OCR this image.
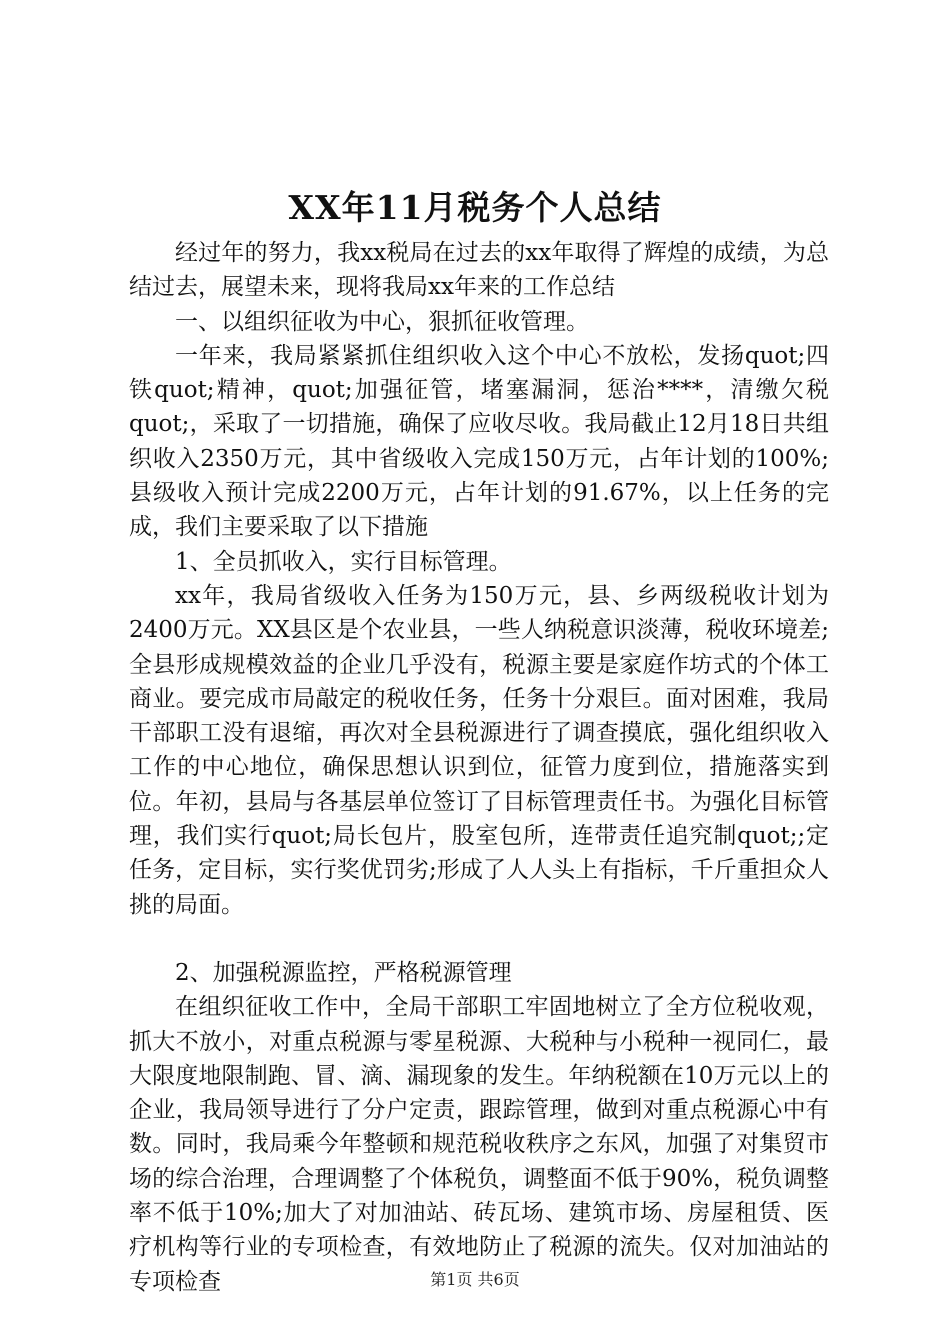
XX年11月税务个人总结

经过年的努力，我xx税局在过去的xx年取得了辉煌的成绩，为总结过去，展望未来，现将我局xx年来的工作总结

一、以组织征收为中心，狠抓征收管理。

一年来，我局紧紧抓住组织收入这个中心不放松，发扬quot;四铁quot;精神，quot;加强征管，堵塞漏洞，惩治****，清缴欠税quot;，采取了一切措施，确保了应收尽收。我局截止12月18日共组织收入2350万元，其中省级收入完成150万元，占年计划的100%;县级收入预计完成2200万元，占年计划的91.67%，以上任务的完成，我们主要采取了以下措施

1、全员抓收入，实行目标管理。

xx年，我局省级收入任务为150万元，县、乡两级税收计划为2400万元。XX县区是个农业县，一些人纳税意识淡薄，税收环境差;全县形成规模效益的企业几乎没有，税源主要是家庭作坊式的个体工商业。要完成市局敲定的税收任务，任务十分艰巨。面对困难，我局干部职工没有退缩，再次对全县税源进行了调查摸底，强化组织收入工作的中心地位，确保思想认识到位，征管力度到位，措施落实到位。年初，县局与各基层单位签订了目标管理责任书。为强化目标管理，我们实行quot;局长包片，股室包所，连带责任追究制quot;;定任务，定目标，实行奖优罚劣;形成了人人头上有指标，千斤重担众人挑的局面。

2、加强税源监控，严格税源管理

在组织征收工作中，全局干部职工牢固地树立了全方位税收观，抓大不放小，对重点税源与零星税源、大税种与小税种一视同仁，最大限度地限制跑、冒、滴、漏现象的发生。年纳税额在10万元以上的企业，我局领导进行了分户定责，跟踪管理，做到对重点税源心中有数。同时，我局乘今年整顿和规范税收秩序之东风，加强了对集贸市场的综合治理，合理调整了个体税负，调整面不低于90%，税负调整率不低于10%;加大了对加油站、砖瓦场、建筑市场、房屋租赁、医疗机构等行业的专项检查，有效地防止了税源的流失。仅对加油站的专项检查	第1页 共6页
